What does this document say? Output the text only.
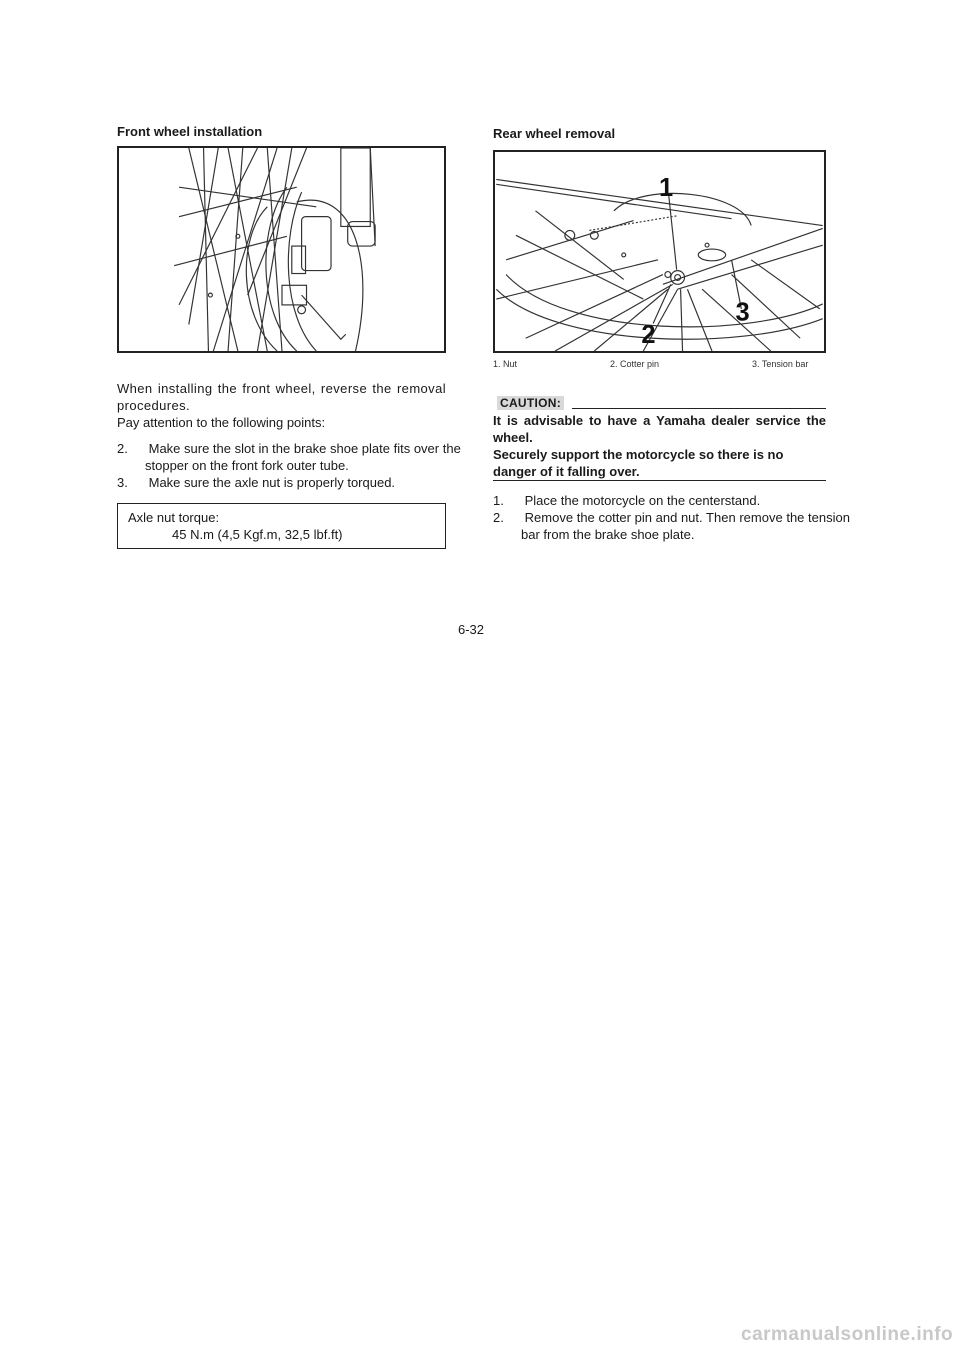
Front wheel installation
When installing the front wheel, reverse the removal procedures.
Pay attention to the following points:
2. Make sure the slot in the brake shoe plate fits over the stopper on the front fork outer tube.
3. Make sure the axle nut is properly torqued.
Axle nut torque:
45 N.m (4,5 Kgf.m, 32,5 lbf.ft)
Rear wheel removal
1
2
3
1. Nut	2. Cotter pin	3. Tension bar
CAUTION:
It is advisable to have a Yamaha dealer service the wheel.
Securely support the motorcycle so there is no danger of it falling over.
1. Place the motorcycle on the centerstand.
2. Remove the cotter pin and nut. Then remove the tension bar from the brake shoe plate.
6-32
carmanualsonline.info
